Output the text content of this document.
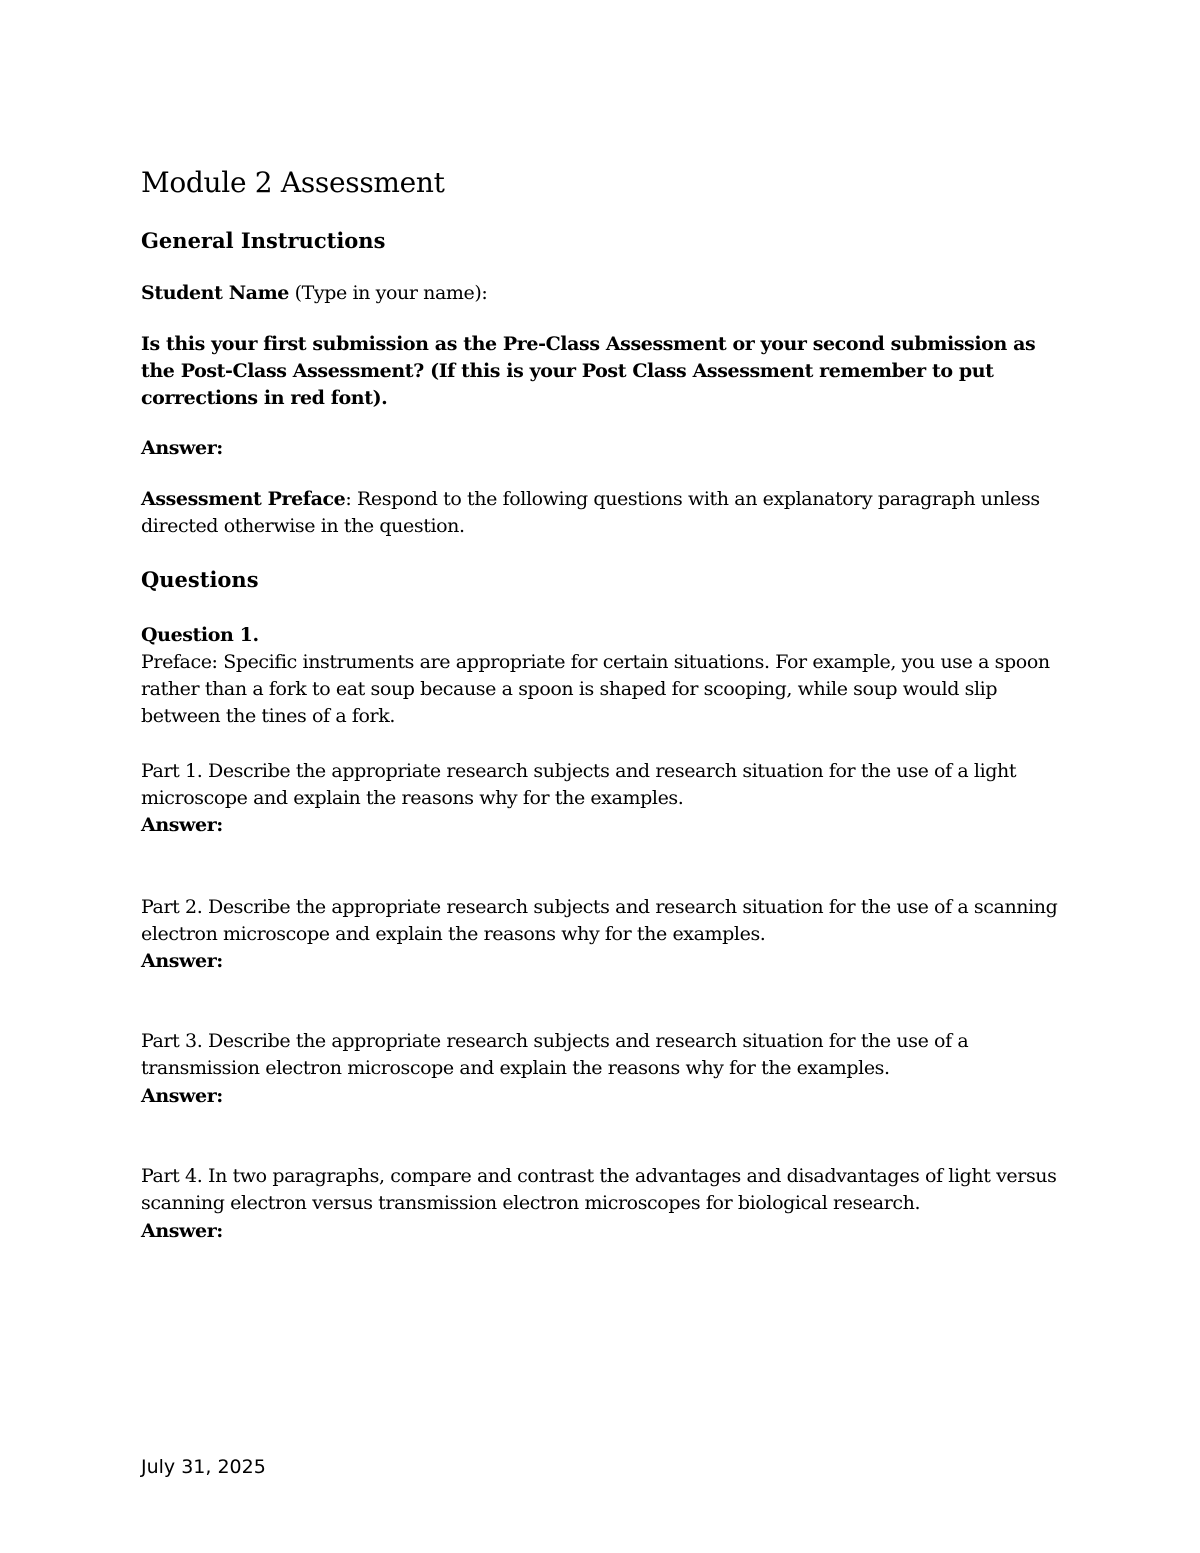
Module 2 Assessment
General Instructions
Student Name (Type in your name):
Is this your first submission as the Pre-Class Assessment or your second submission as the Post-Class Assessment? (If this is your Post Class Assessment remember to put corrections in red font).
Answer:
Assessment Preface: Respond to the following questions with an explanatory paragraph unless directed otherwise in the question.
Questions
Question 1.
Preface: Specific instruments are appropriate for certain situations. For example, you use a spoon rather than a fork to eat soup because a spoon is shaped for scooping, while soup would slip between the tines of a fork.
Part 1. Describe the appropriate research subjects and research situation for the use of a light microscope and explain the reasons why for the examples.
Answer:
Part 2. Describe the appropriate research subjects and research situation for the use of a scanning electron microscope and explain the reasons why for the examples.
Answer:
Part 3. Describe the appropriate research subjects and research situation for the use of a transmission electron microscope and explain the reasons why for the examples.
Answer:
Part 4. In two paragraphs, compare and contrast the advantages and disadvantages of light versus scanning electron versus transmission electron microscopes for biological research.
Answer:
July 31, 2025
